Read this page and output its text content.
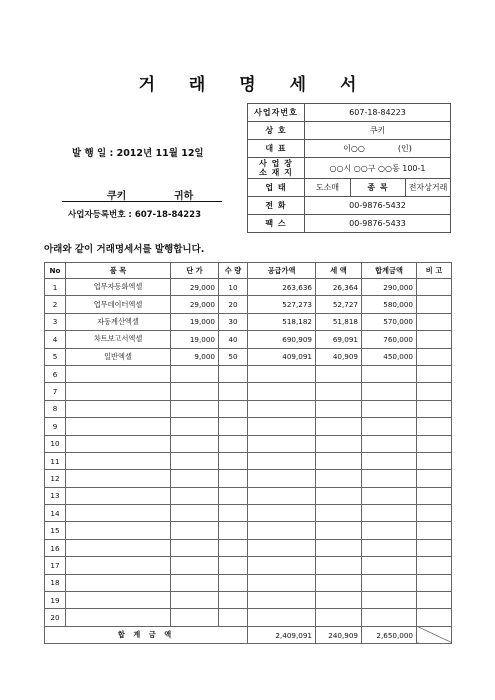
거 래 명 세 서
발 행 일 : 2012년 11월 12일
쿠키	귀하
사업자등록번호 : 607-18-84223
사업자번호	607-18-84223		
상 호	쿠키		
대 표	이○○ (인)		
사 업 장
소 재 지	○○시 ○○구 ○○동 100-1		
업 태	도소매	종 목	전자상거래
전 화	00-9876-5432		
팩 스	00-9876-5433		
아래와 같이 거래명세서를 발행합니다.
No	품 목	단 가	수 량	공급가액	세 액	합계금액	비 고
1	업무자동화엑셀	29,000	10	263,636	26,364	290,000	
2	업무데이터엑셀	29,000	20	527,273	52,727	580,000	
3	자동계산엑셀	19,000	30	518,182	51,818	570,000	
4	차트보고서엑셀	19,000	40	690,909	69,091	760,000	
5	일반엑셀	9,000	50	409,091	40,909	450,000	
6							
7							
8							
9							
10							
11							
12							
13							
14							
15							
16							
17							
18							
19							
20							
합 계 금 액				2,409,091	240,909	2,650,000	
